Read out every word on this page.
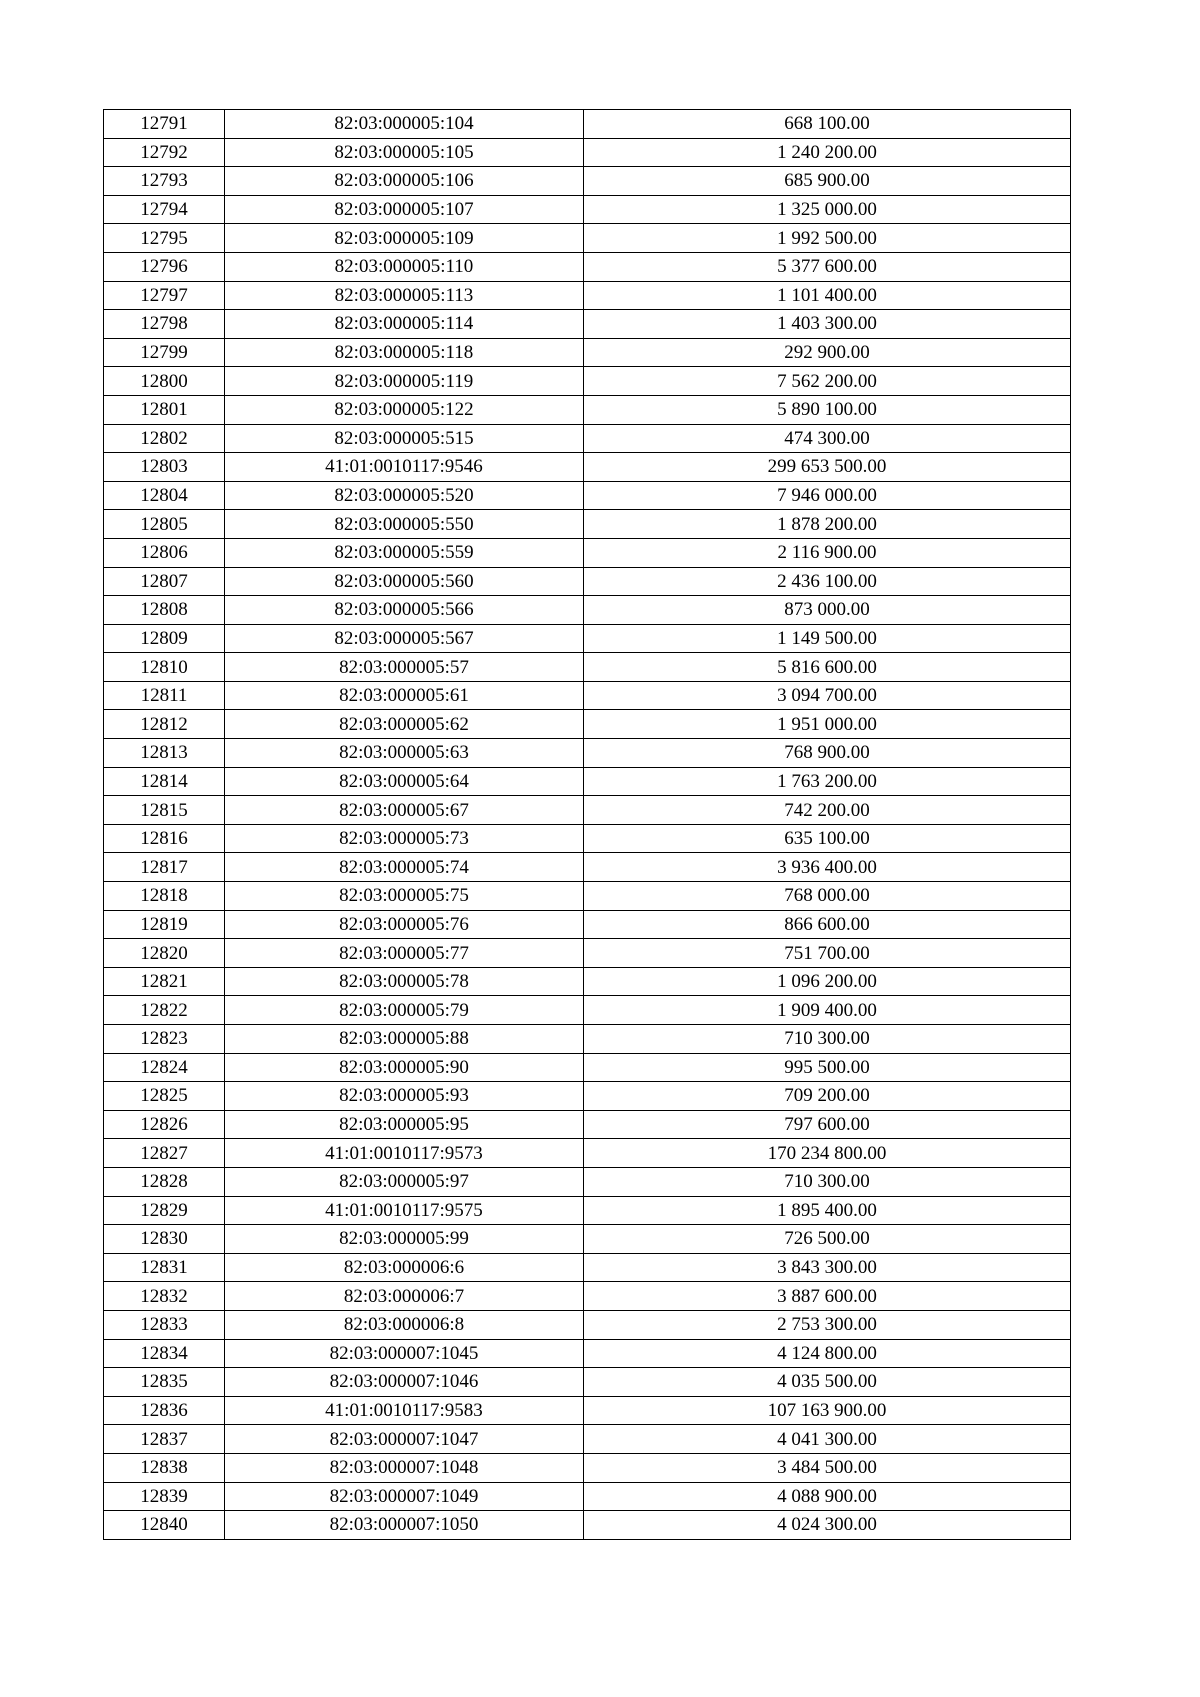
12791	82:03:000005:104	668 100.00
12792	82:03:000005:105	1 240 200.00
12793	82:03:000005:106	685 900.00
12794	82:03:000005:107	1 325 000.00
12795	82:03:000005:109	1 992 500.00
12796	82:03:000005:110	5 377 600.00
12797	82:03:000005:113	1 101 400.00
12798	82:03:000005:114	1 403 300.00
12799	82:03:000005:118	292 900.00
12800	82:03:000005:119	7 562 200.00
12801	82:03:000005:122	5 890 100.00
12802	82:03:000005:515	474 300.00
12803	41:01:0010117:9546	299 653 500.00
12804	82:03:000005:520	7 946 000.00
12805	82:03:000005:550	1 878 200.00
12806	82:03:000005:559	2 116 900.00
12807	82:03:000005:560	2 436 100.00
12808	82:03:000005:566	873 000.00
12809	82:03:000005:567	1 149 500.00
12810	82:03:000005:57	5 816 600.00
12811	82:03:000005:61	3 094 700.00
12812	82:03:000005:62	1 951 000.00
12813	82:03:000005:63	768 900.00
12814	82:03:000005:64	1 763 200.00
12815	82:03:000005:67	742 200.00
12816	82:03:000005:73	635 100.00
12817	82:03:000005:74	3 936 400.00
12818	82:03:000005:75	768 000.00
12819	82:03:000005:76	866 600.00
12820	82:03:000005:77	751 700.00
12821	82:03:000005:78	1 096 200.00
12822	82:03:000005:79	1 909 400.00
12823	82:03:000005:88	710 300.00
12824	82:03:000005:90	995 500.00
12825	82:03:000005:93	709 200.00
12826	82:03:000005:95	797 600.00
12827	41:01:0010117:9573	170 234 800.00
12828	82:03:000005:97	710 300.00
12829	41:01:0010117:9575	1 895 400.00
12830	82:03:000005:99	726 500.00
12831	82:03:000006:6	3 843 300.00
12832	82:03:000006:7	3 887 600.00
12833	82:03:000006:8	2 753 300.00
12834	82:03:000007:1045	4 124 800.00
12835	82:03:000007:1046	4 035 500.00
12836	41:01:0010117:9583	107 163 900.00
12837	82:03:000007:1047	4 041 300.00
12838	82:03:000007:1048	3 484 500.00
12839	82:03:000007:1049	4 088 900.00
12840	82:03:000007:1050	4 024 300.00
